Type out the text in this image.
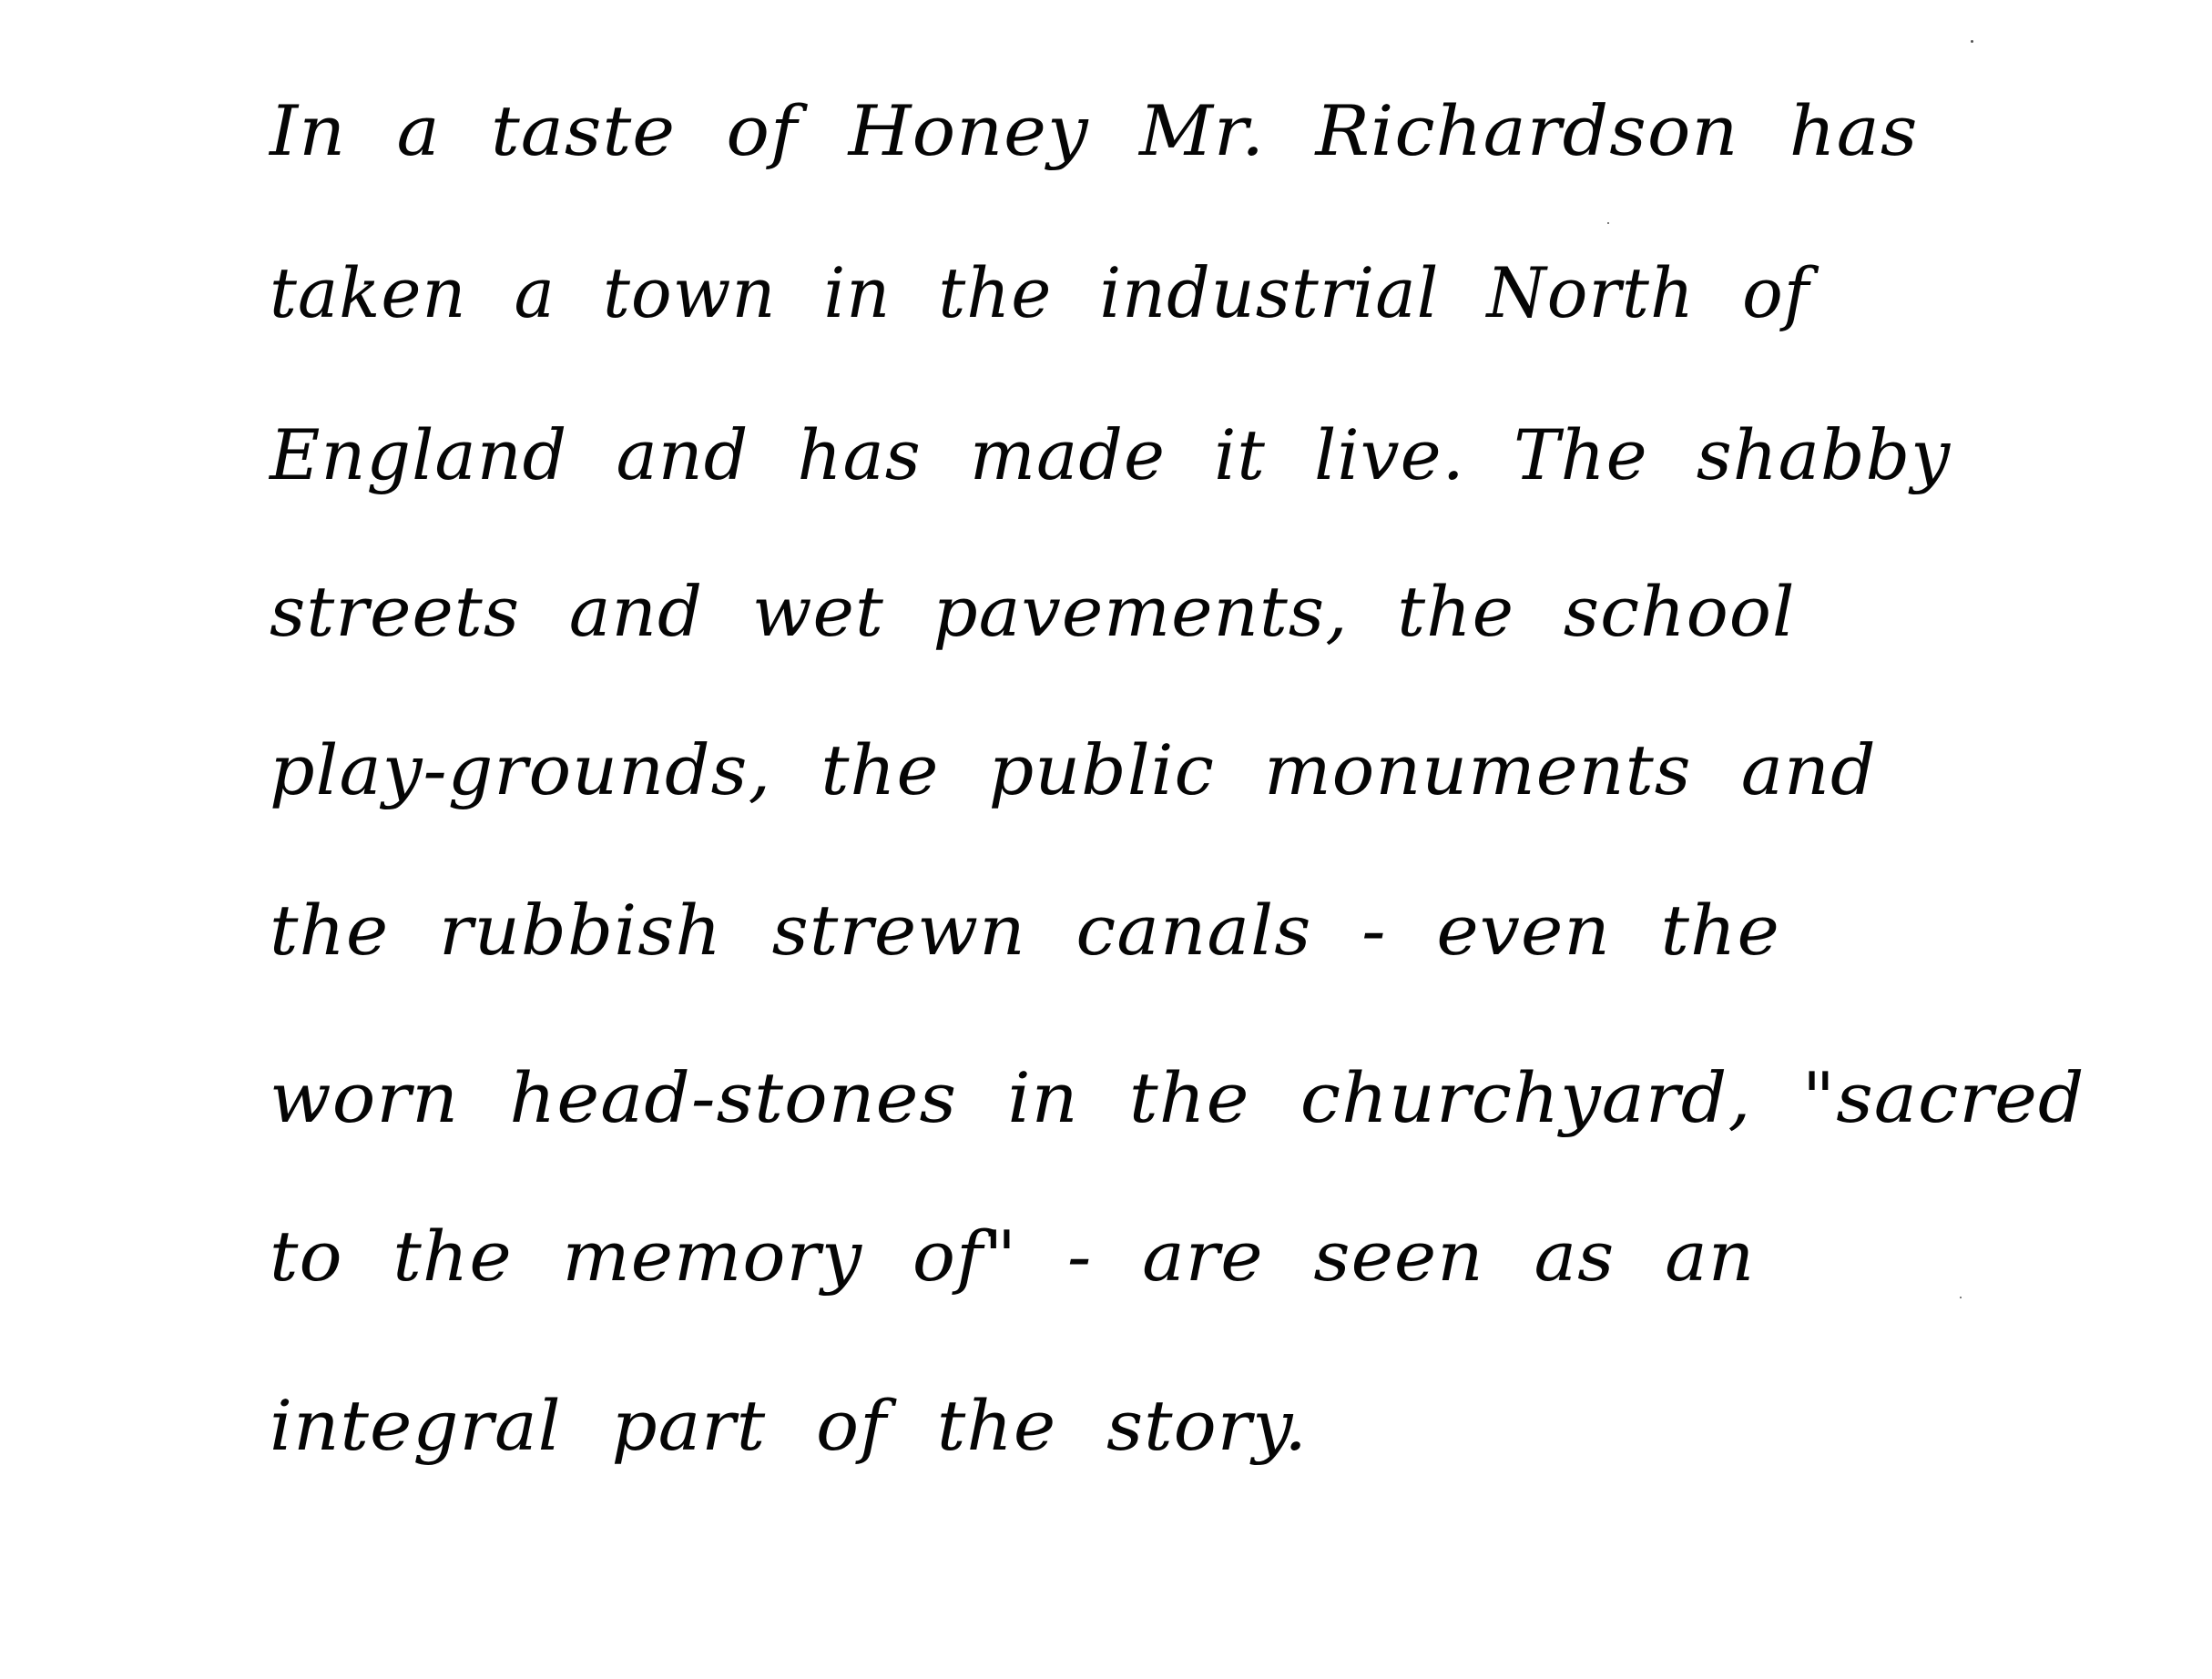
In a taste of Honey Mr. Richardson has
taken a town in the industrial North of
England and has made it live. The shabby
streets and wet pavements, the school
play-grounds, the public monuments and
the rubbish strewn canals - even the
worn head-stones in the churchyard, "sacred
to the memory of" - are seen as an
integral part of the story.
